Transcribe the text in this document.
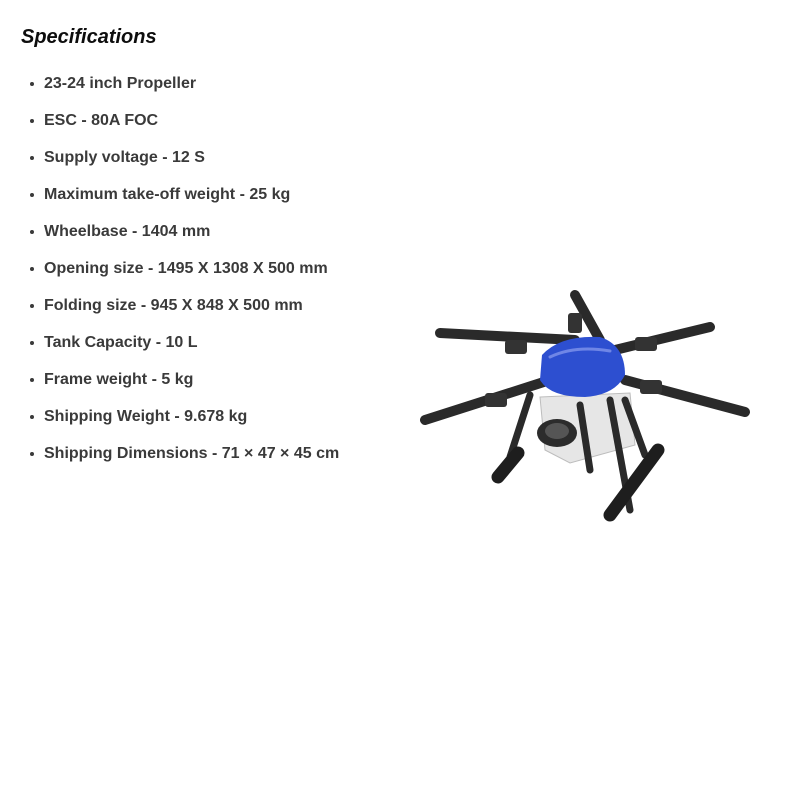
Specifications
23-24 inch Propeller
ESC - 80A FOC
Supply voltage - 12 S
Maximum take-off weight - 25 kg
Wheelbase - 1404 mm
Opening size - 1495 X 1308 X 500 mm
Folding size - 945 X 848 X 500 mm
Tank Capacity - 10 L
Frame weight - 5 kg
Shipping Weight - 9.678 kg
Shipping Dimensions - 71 × 47 × 45 cm
